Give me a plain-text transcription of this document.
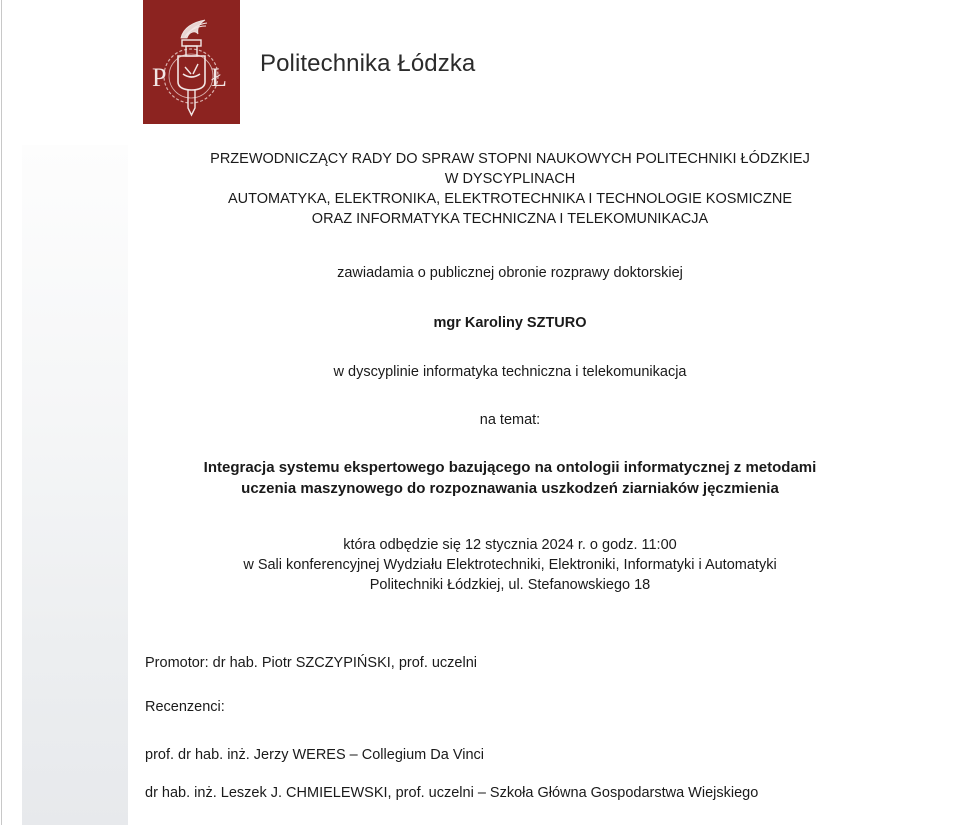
P Ł Politechnika Łódzka
PRZEWODNICZĄCY RADY DO SPRAW STOPNI NAUKOWYCH POLITECHNIKI ŁÓDZKIEJ
W DYSCYPLINACH
AUTOMATYKA, ELEKTRONIKA, ELEKTROTECHNIKA I TECHNOLOGIE KOSMICZNE
ORAZ INFORMATYKA TECHNICZNA I TELEKOMUNIKACJA
zawiadamia o publicznej obronie rozprawy doktorskiej
mgr Karoliny SZTURO
w dyscyplinie informatyka techniczna i telekomunikacja
na temat:
Integracja systemu ekspertowego bazującego na ontologii informatycznej z metodami
uczenia maszynowego do rozpoznawania uszkodzeń ziarniaków jęczmienia
która odbędzie się 12 stycznia 2024 r. o godz. 11:00
w Sali konferencyjnej Wydziału Elektrotechniki, Elektroniki, Informatyki i Automatyki
Politechniki Łódzkiej, ul. Stefanowskiego 18
Promotor: dr hab. Piotr SZCZYPIŃSKI, prof. uczelni
Recenzenci:
prof. dr hab. inż. Jerzy WERES – Collegium Da Vinci
dr hab. inż. Leszek J. CHMIELEWSKI, prof. uczelni – Szkoła Główna Gospodarstwa Wiejskiego
